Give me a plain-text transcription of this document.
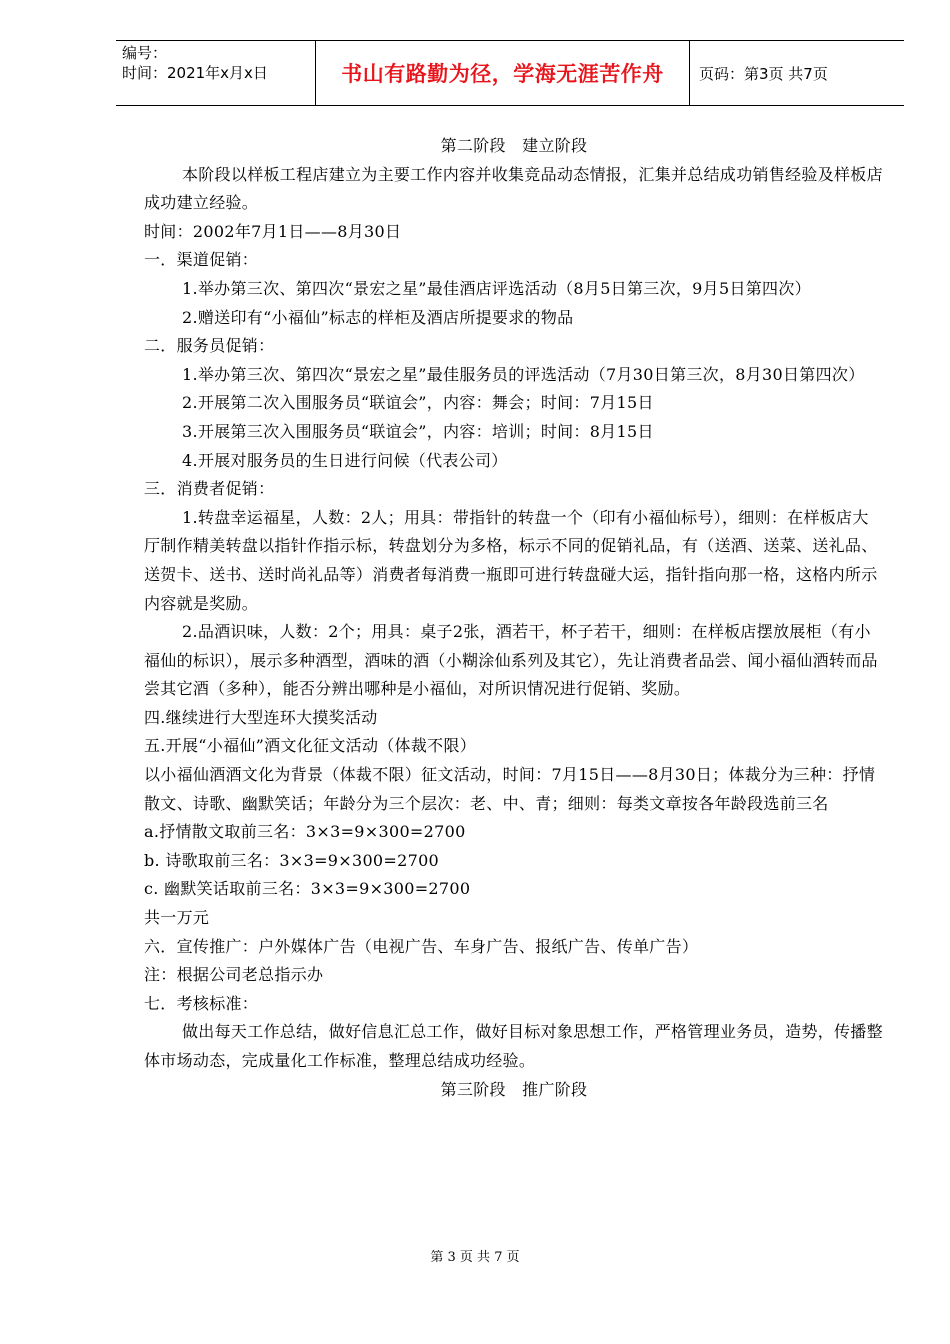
编号：
时间：2021年x月x日	书山有路勤为径，学海无涯苦作舟	页码：第3页 共7页

第二阶段　建立阶段

本阶段以样板工程店建立为主要工作内容并收集竞品动态情报，汇集并总结成功销售经验及样板店成功建立经验。

时间：2002年7月1日——8月30日

一．渠道促销：

1.举办第三次、第四次“景宏之星”最佳酒店评选活动（8月5日第三次，9月5日第四次）

2.赠送印有“小福仙”标志的样柜及酒店所提要求的物品

二．服务员促销：

1.举办第三次、第四次“景宏之星”最佳服务员的评选活动（7月30日第三次，8月30日第四次）

2.开展第二次入围服务员“联谊会”，内容：舞会；时间：7月15日

3.开展第三次入围服务员“联谊会”，内容：培训；时间：8月15日

4.开展对服务员的生日进行问候（代表公司）

三．消费者促销：

1.转盘幸运福星，人数：2人；用具：带指针的转盘一个（印有小福仙标号），细则：在样板店大厅制作精美转盘以指针作指示标，转盘划分为多格，标示不同的促销礼品，有（送酒、送菜、送礼品、送贺卡、送书、送时尚礼品等）消费者每消费一瓶即可进行转盘碰大运，指针指向那一格，这格内所示内容就是奖励。

2.品酒识味，人数：2个；用具：桌子2张，酒若干，杯子若干，细则：在样板店摆放展柜（有小福仙的标识），展示多种酒型，酒味的酒（小糊涂仙系列及其它），先让消费者品尝、闻小福仙酒转而品尝其它酒（多种），能否分辨出哪种是小福仙，对所识情况进行促销、奖励。

四.继续进行大型连环大摸奖活动

五.开展“小福仙”酒文化征文活动（体裁不限）

以小福仙酒酒文化为背景（体裁不限）征文活动，时间：7月15日——8月30日；体裁分为三种：抒情散文、诗歌、幽默笑话；年龄分为三个层次：老、中、青；细则：每类文章按各年龄段选前三名

a.抒情散文取前三名：3×3=9×300=2700

b. 诗歌取前三名：3×3=9×300=2700

c. 幽默笑话取前三名：3×3=9×300=2700

共一万元

六．宣传推广：户外媒体广告（电视广告、车身广告、报纸广告、传单广告）

注：根据公司老总指示办

七．考核标准：

做出每天工作总结，做好信息汇总工作，做好目标对象思想工作，严格管理业务员，造势，传播整体市场动态，完成量化工作标准，整理总结成功经验。

第三阶段　推广阶段

第 3 页 共 7 页
